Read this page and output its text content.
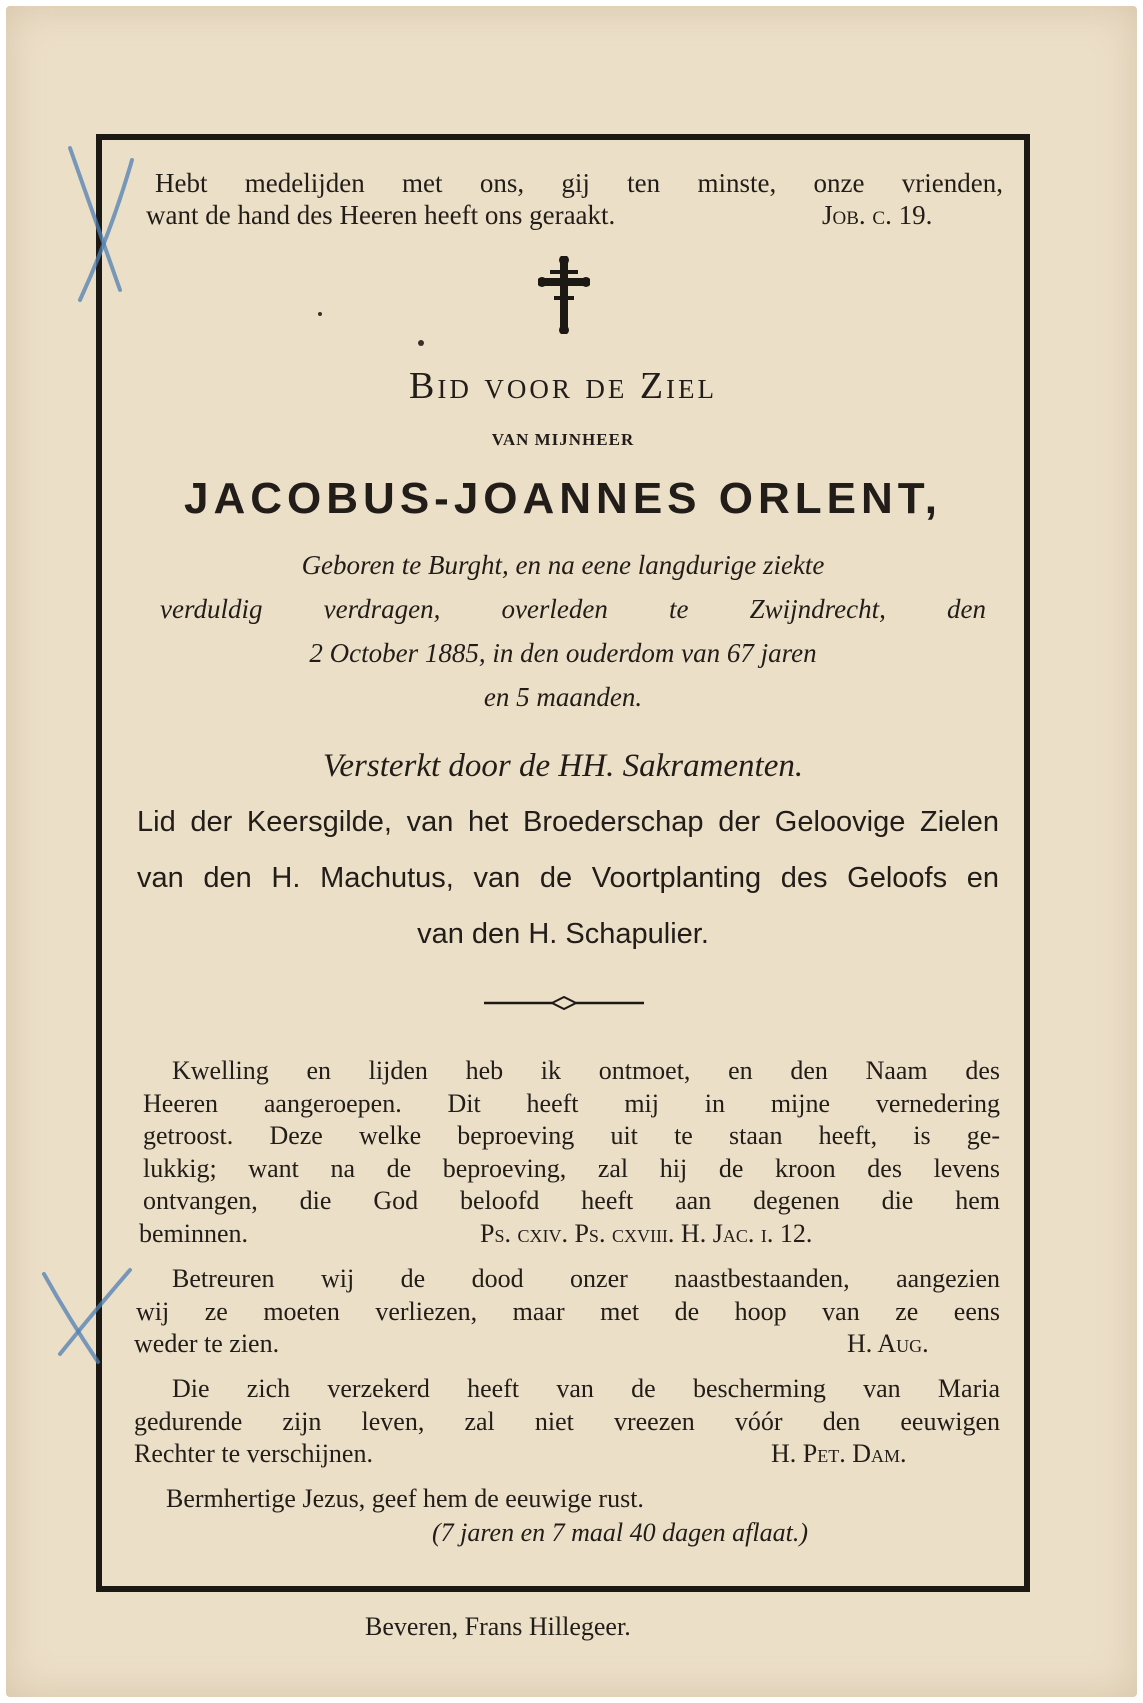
Hebt medelijden met ons, gij ten minste, onze vrienden,
want de hand des Heeren heeft ons geraakt.	Job. c. 19.
Bid voor de Ziel
VAN MIJNHEER
JACOBUS-JOANNES ORLENT,
Geboren te Burght, en na eene langdurige ziekte
verduldig verdragen, overleden te Zwijndrecht, den
2 October 1885, in den ouderdom van 67 jaren
en 5 maanden.
Versterkt door de HH. Sakramenten.
Lid der Keersgilde, van het Broederschap der Geloovige Zielen
van den H. Machutus, van de Voortplanting des Geloofs en
van den H. Schapulier.
Kwelling en lijden heb ik ontmoet, en den Naam des
Heeren aangeroepen. Dit heeft mij in mijne vernedering
getroost. Deze welke beproeving uit te staan heeft, is ge-
lukkig; want na de beproeving, zal hij de kroon des levens
ontvangen, die God beloofd heeft aan degenen die hem
beminnen.	Ps. cxiv. Ps. cxviii. H. Jac. i. 12.
Betreuren wij de dood onzer naastbestaanden, aangezien
wij ze moeten verliezen, maar met de hoop van ze eens
weder te zien.	H. Aug.
Die zich verzekerd heeft van de bescherming van Maria
gedurende zijn leven, zal niet vreezen vóór den eeuwigen
Rechter te verschijnen.	H. Pet. Dam.
Bermhertige Jezus, geef hem de eeuwige rust.
(7 jaren en 7 maal 40 dagen aflaat.)
Beveren, Frans Hillegeer.
